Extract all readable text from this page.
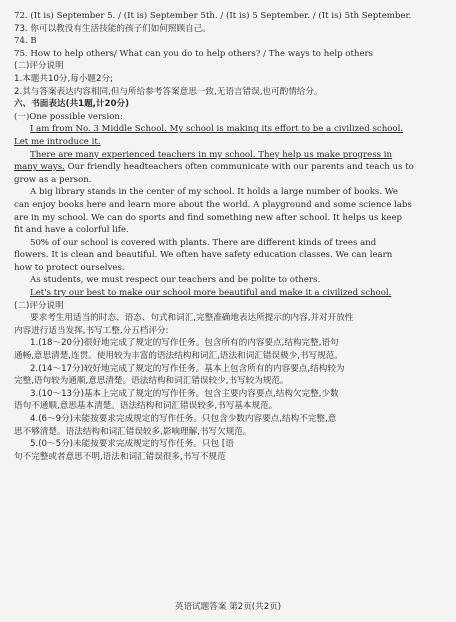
72. (It is) September 5. / (It is) September 5th. / (It is) 5 September. / (It is) 5th September.
73. 你可以教没有生活技能的孩子们如何照顾自己。
74. B
75. How to help others/ What can you do to help others? / The ways to help others
(二)评分说明
1.本题共10分,每小题2分;
2.其与答案表达内容相同,但与所给参考答案意思一致,无语言错误,也可酌情给分。
六、书面表达(共1题,计20分)
(一)One possible version:
I am from No. 3 Middle School. My school is making its effort to be a civilized school.
Let me introduce it.
There are many experienced teachers in my school. They help us make progress in
many ways. Our friendly headteachers often communicate with our parents and teach us to
grow as a person.
A big library stands in the center of my school. It holds a large number of books. We
can enjoy books here and learn more about the world. A playground and some science labs
are in my school. We can do sports and find something new after school. It helps us keep
fit and have a colorful life.
50% of our school is covered with plants. There are different kinds of trees and
flowers. It is clean and beautiful. We often have safety education classes. We can learn
how to protect ourselves.
As students, we must respect our teachers and be polite to others.
Let's try our best to make our school more beautiful and make it a civilized school.
(二)评分说明
要求考生用适当的时态、语态、句式和词汇,完整准确地表达所提示的内容,并对开放性
内容进行适当发挥,书写工整,分五档评分:
1.(18～20分)很好地完成了规定的写作任务。包含所有的内容要点,结构完整,语句
通畅,意思清楚,连贯。使用较为丰富的语法结构和词汇,语法和词汇错误极少,书写规范。
2.(14～17分)较好地完成了规定的写作任务。基本上包含所有的内容要点,结构较为
完整,语句较为通顺,意思清楚。语法结构和词汇错误较少,书写较为规范。
3.(10～13分)基本上完成了规定的写作任务。包含主要内容要点,结构欠完整,少数
语句不通顺,意思基本清楚。语法结构和词汇错误较多,书写基本规范。
4.(6～9分)未能按要求完成规定的写作任务。只包含少数内容要点,结构不完整,意
思不够清楚。语法结构和词汇错误较多,影响理解,书写欠规范。
5.(0～5分)未能按要求完成规定的写作任务。只包 [语
句不完整或者意思不明,语法和词汇错误很多,书写不规范
英语试题答案 第2页(共2页)
